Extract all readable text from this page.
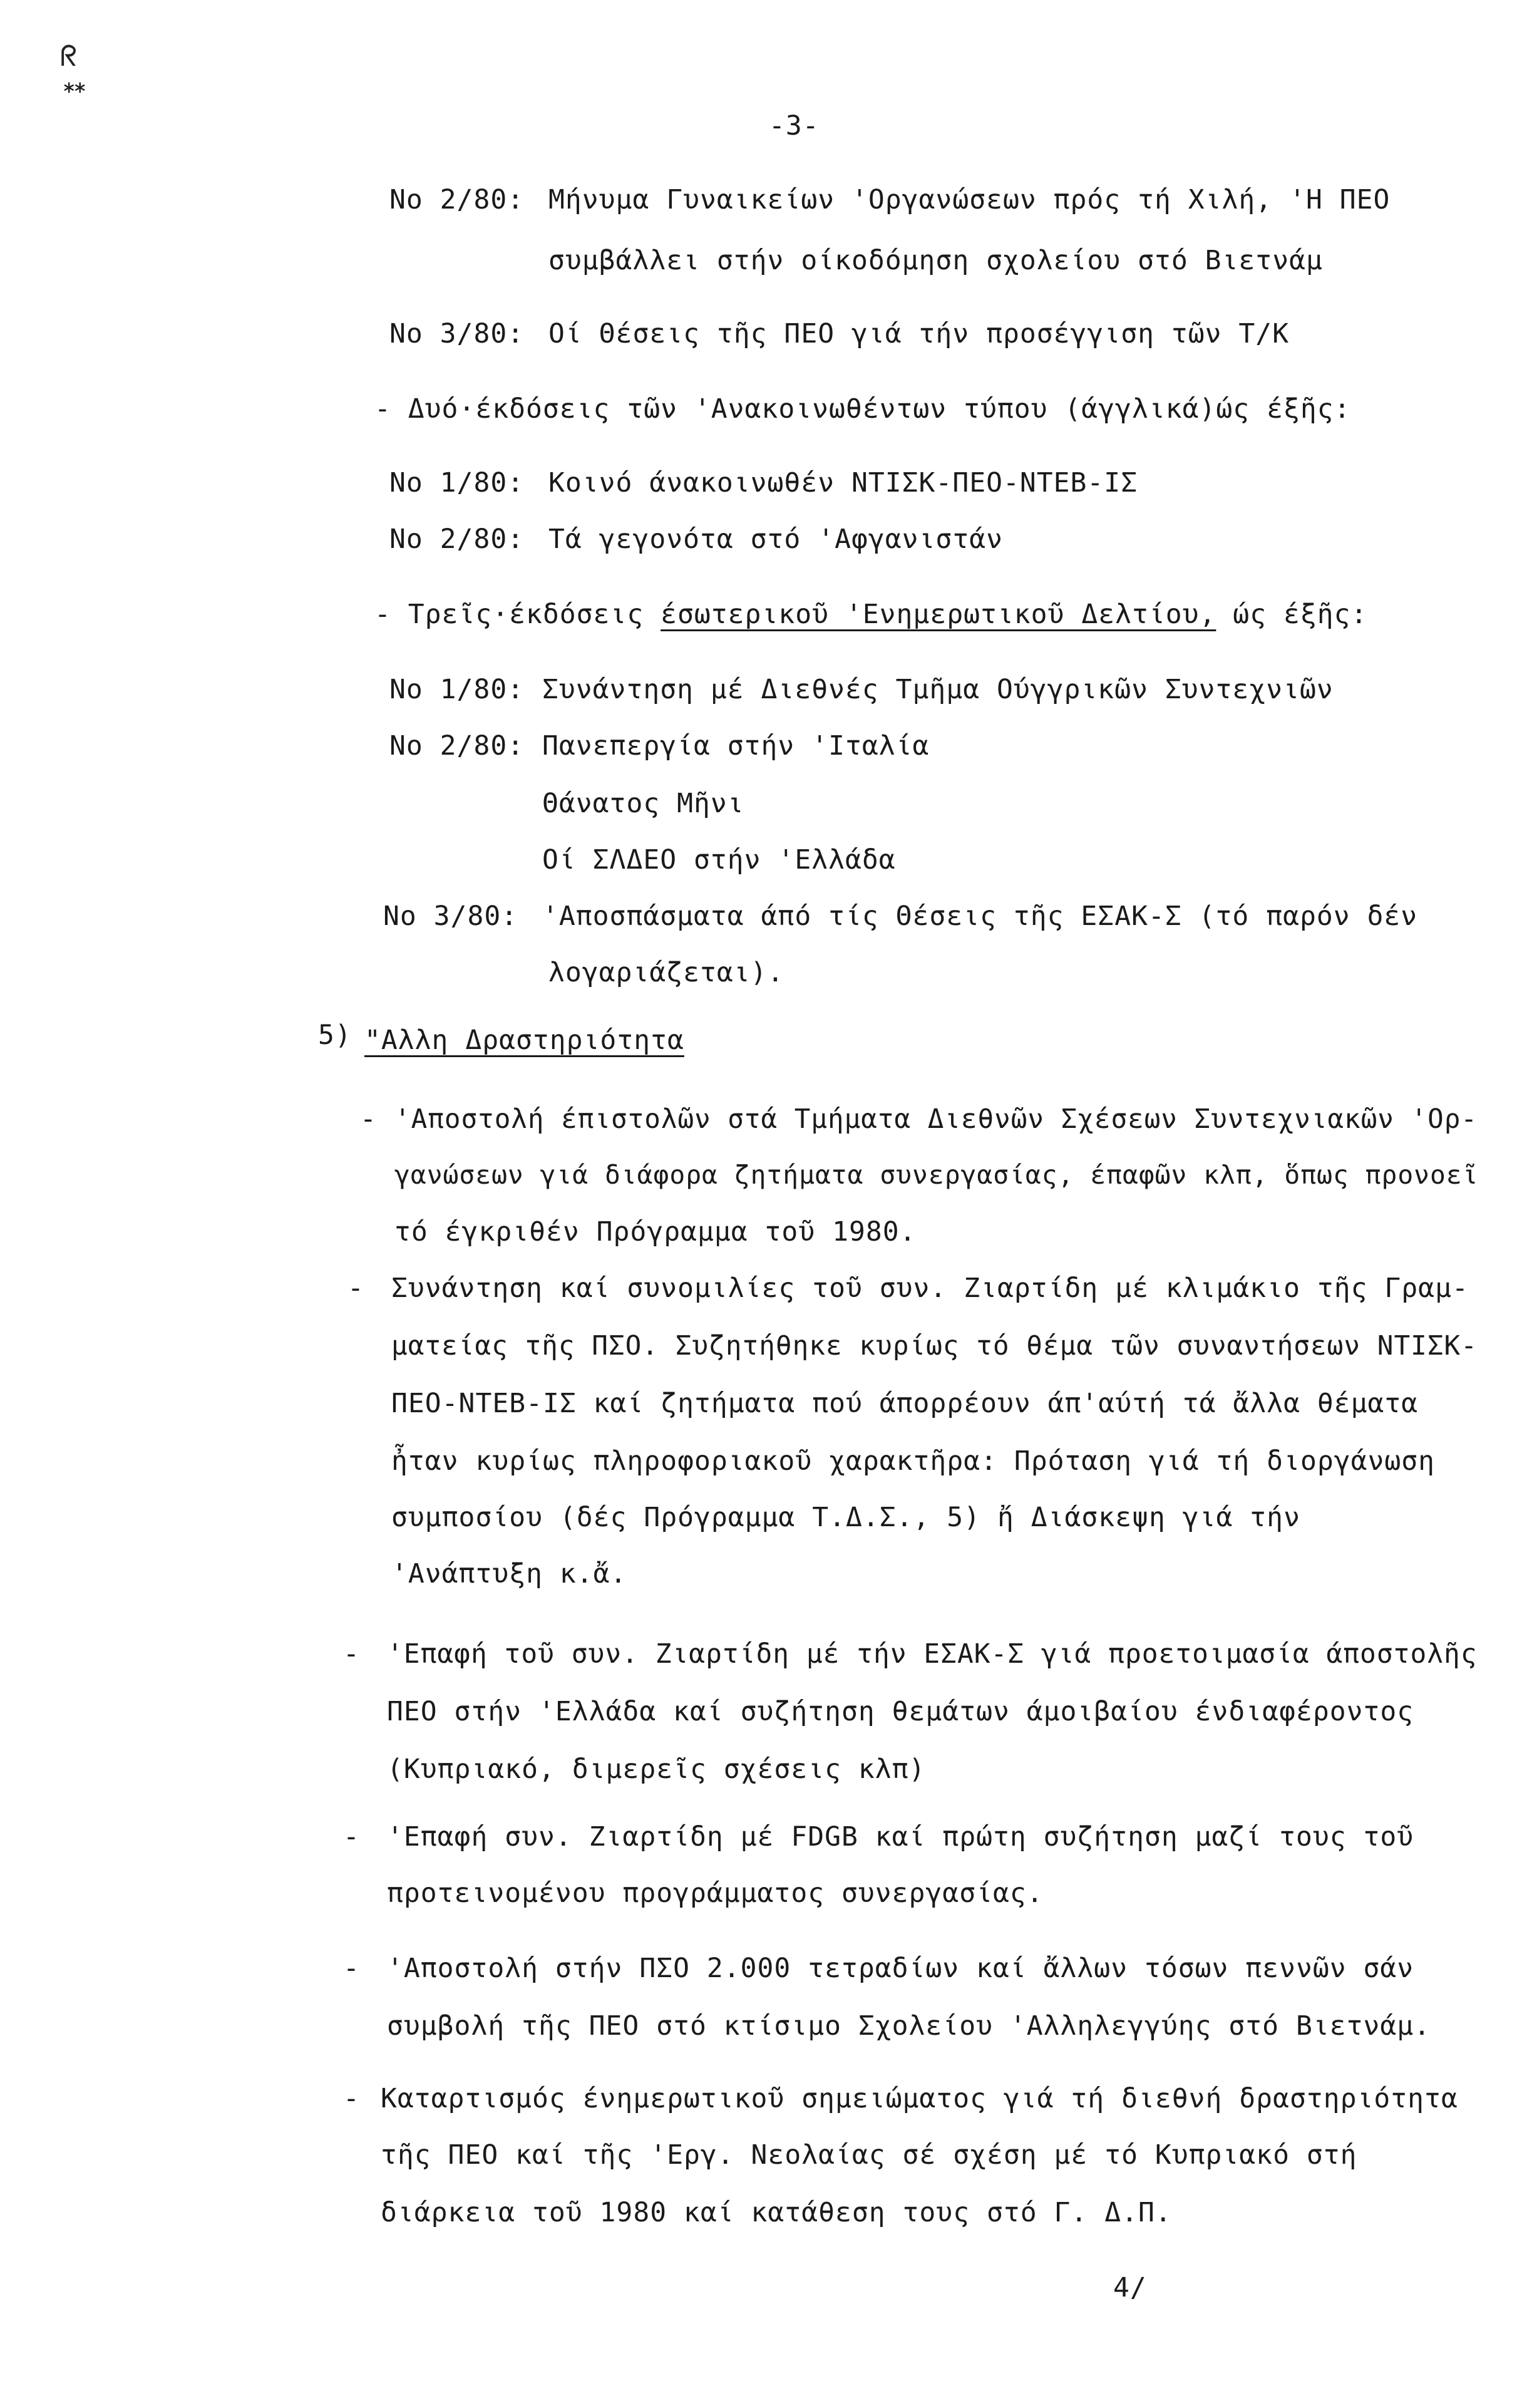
ᖇ
ᕯ
-3-
Νο 2/80: Μήνυμα Γυναικείων 'Οργανώσεων πρός τή Χιλή, 'Η ΠΕΟ
συμβάλλει στήν οίκοδόμηση σχολείου στό Βιετνάμ
Νο 3/80: Οί Θέσεις τῆς ΠΕΟ γιά τήν προσέγγιση τῶν Τ/Κ
- Δυό·έκδόσεις τῶν 'Ανακοινωθέντων τύπου (άγγλικά)ώς έξῆς:
Νο 1/80: Κοινό άνακοινωθέν ΝΤΙΣΚ-ΠΕΟ-ΝΤΕΒ-ΙΣ
Νο 2/80: Τά γεγονότα στό 'Αφγανιστάν
- Τρεῖς·έκδόσεις έσωτερικοῦ 'Ενημερωτικοῦ Δελτίου, ώς έξῆς:
Νο 1/80: Συνάντηση μέ Διεθνές Τμῆμα Ούγγρικῶν Συντεχνιῶν
Νο 2/80: Πανεπεργία στήν 'Ιταλία
Θάνατος Μῆνι
Οί ΣΛΔΕΟ στήν 'Ελλάδα
Νο 3/80: 'Αποσπάσματα άπό τίς Θέσεις τῆς ΕΣΑΚ-Σ (τό παρόν δέν
λογαριάζεται).
5) "Αλλη Δραστηριότητα
- 'Αποστολή έπιστολῶν στά Τμήματα Διεθνῶν Σχέσεων Συντεχνιακῶν 'Ορ-
γανώσεων γιά διάφορα ζητήματα συνεργασίας, έπαφῶν κλπ, ὅπως προνοεῖ
τό έγκριθέν Πρόγραμμα τοῦ 1980.
- Συνάντηση καί συνομιλίες τοῦ συν. Ζιαρτίδη μέ κλιμάκιο τῆς Γραμ-
ματείας τῆς ΠΣΟ. Συζητήθηκε κυρίως τό θέμα τῶν συναντήσεων ΝΤΙΣΚ-
ΠΕΟ-ΝΤΕΒ-ΙΣ καί ζητήματα πού άπορρέουν άπ'αύτή τά ἄλλα θέματα
ἦταν κυρίως πληροφοριακοῦ χαρακτῆρα: Πρόταση γιά τή διοργάνωση
συμποσίου (δές Πρόγραμμα Τ.Δ.Σ., 5) ἤ Διάσκεψη γιά τήν
'Ανάπτυξη κ.ἄ.
- 'Επαφή τοῦ συν. Ζιαρτίδη μέ τήν ΕΣΑΚ-Σ γιά προετοιμασία άποστολῆς
ΠΕΟ στήν 'Ελλάδα καί συζήτηση θεμάτων άμοιβαίου ένδιαφέροντος
(Κυπριακό, διμερεῖς σχέσεις κλπ)
- 'Επαφή συν. Ζιαρτίδη μέ FDGB καί πρώτη συζήτηση μαζί τους τοῦ
προτεινομένου προγράμματος συνεργασίας.
- 'Αποστολή στήν ΠΣΟ 2.000 τετραδίων καί ἄλλων τόσων πεννῶν σάν
συμβολή τῆς ΠΕΟ στό κτίσιμο Σχολείου 'Αλληλεγγύης στό Βιετνάμ.
- Καταρτισμός ένημερωτικοῦ σημειώματος γιά τή διεθνή δραστηριότητα
τῆς ΠΕΟ καί τῆς 'Εργ. Νεολαίας σέ σχέση μέ τό Κυπριακό στή
διάρκεια τοῦ 1980 καί κατάθεση τους στό Γ. Δ.Π.
4/
